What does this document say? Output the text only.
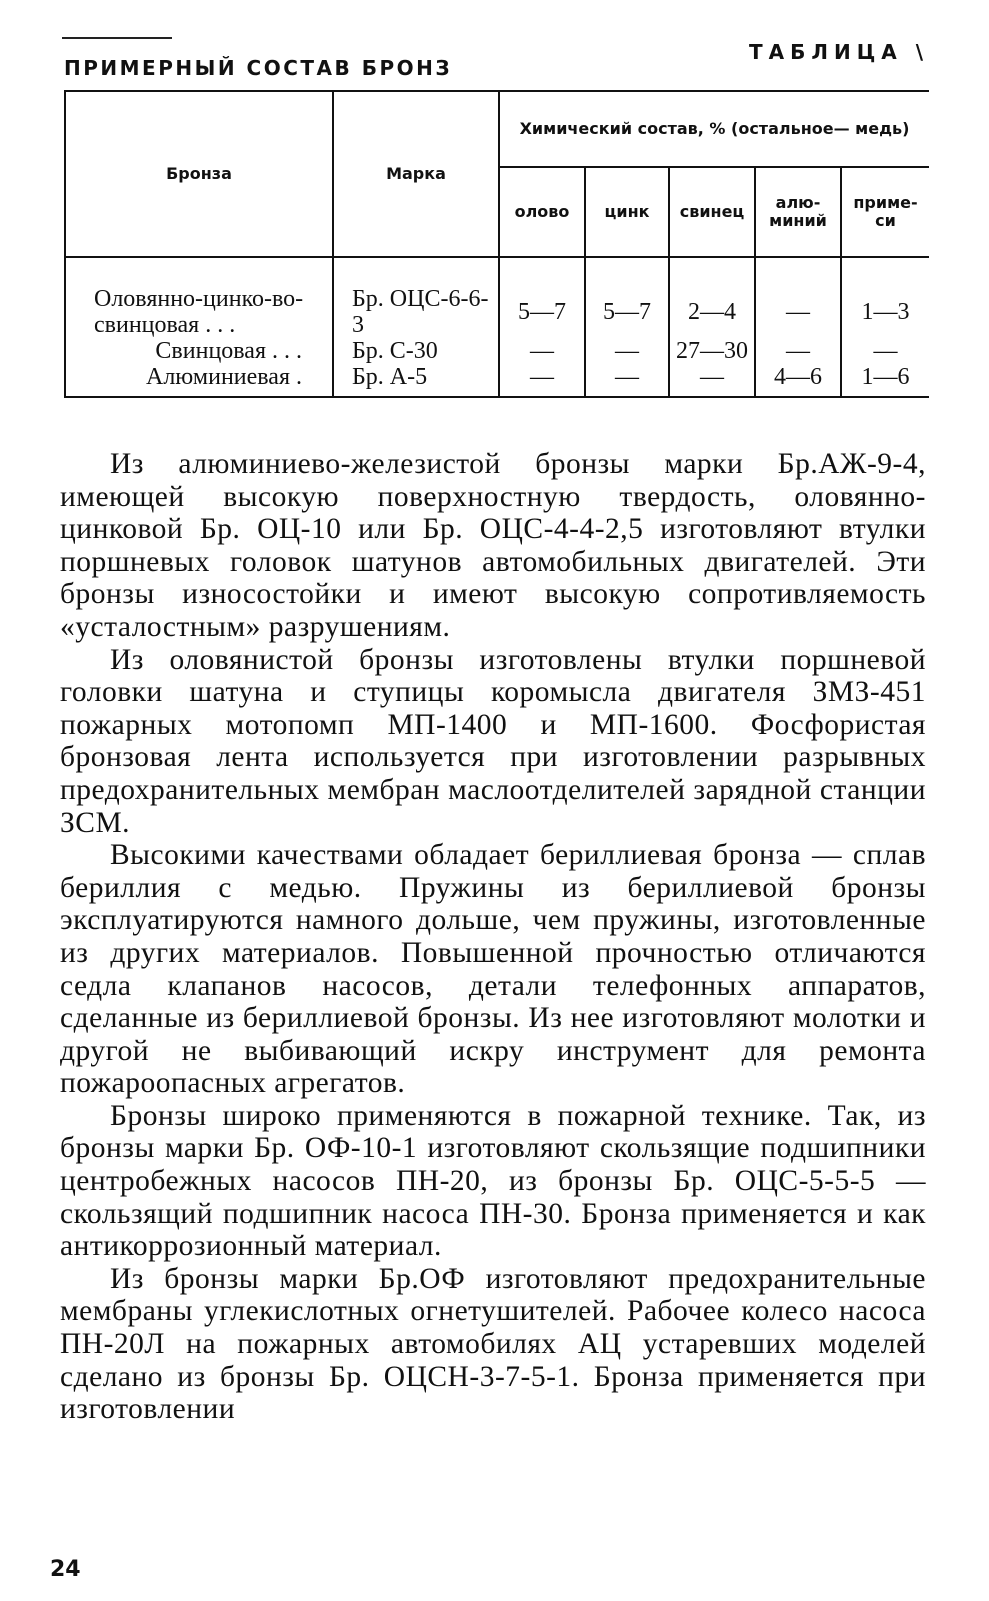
ПРИМЕРНЫЙ СОСТАВ БРОНЗ
ТАБЛИЦА \
Бронза	Марка	Химический состав, % (остальное— медь)				
		олово	цинк	свинец	алю-миний	приме-си
Оловянно-цинко-во-свинцовая . . .	Бр. ОЦС-6-6-3	5—7	5—7	2—4	—	1—3
Свинцовая . . .	Бр. С-30	—	—	27—30	—	—
Алюминиевая .	Бр. А-5	—	—	—	4—6	1—6

Из алюминиево-железистой бронзы марки Бр.АЖ-9-4, имеющей высокую поверхностную твердость, оловянно-цинковой Бр. ОЦ-10 или Бр. ОЦС-4-4-2,5 изготовляют втулки поршневых головок шатунов автомобильных двигателей. Эти бронзы износостойки и имеют высокую сопротивляемость «усталостным» разрушениям.

Из оловянистой бронзы изготовлены втулки поршневой головки шатуна и ступицы коромысла двигателя ЗМЗ-451 пожарных мотопомп МП-1400 и МП-1600. Фосфористая бронзовая лента используется при изготовлении разрывных предохранительных мембран маслоотделителей зарядной станции ЗСМ.

Высокими качествами обладает бериллиевая бронза — сплав бериллия с медью. Пружины из бериллиевой бронзы эксплуатируются намного дольше, чем пружины, изготовленные из других материалов. Повышенной прочностью отличаются седла клапанов насосов, детали телефонных аппаратов, сделанные из бериллиевой бронзы. Из нее изготовляют молотки и другой не выбивающий искру инструмент для ремонта пожароопасных агрегатов.

Бронзы широко применяются в пожарной технике. Так, из бронзы марки Бр. ОФ-10-1 изготовляют скользящие подшипники центробежных насосов ПН-20, из бронзы Бр. ОЦС-5-5-5 — скользящий подшипник насоса ПН-30. Бронза применяется и как антикоррозионный материал.

Из бронзы марки Бр.ОФ изготовляют предохранительные мембраны углекислотных огнетушителей. Рабочее колесо насоса ПН-20Л на пожарных автомобилях АЦ устаревших моделей сделано из бронзы Бр. ОЦСН-3-7-5-1. Бронза применяется при изготовлении

24
